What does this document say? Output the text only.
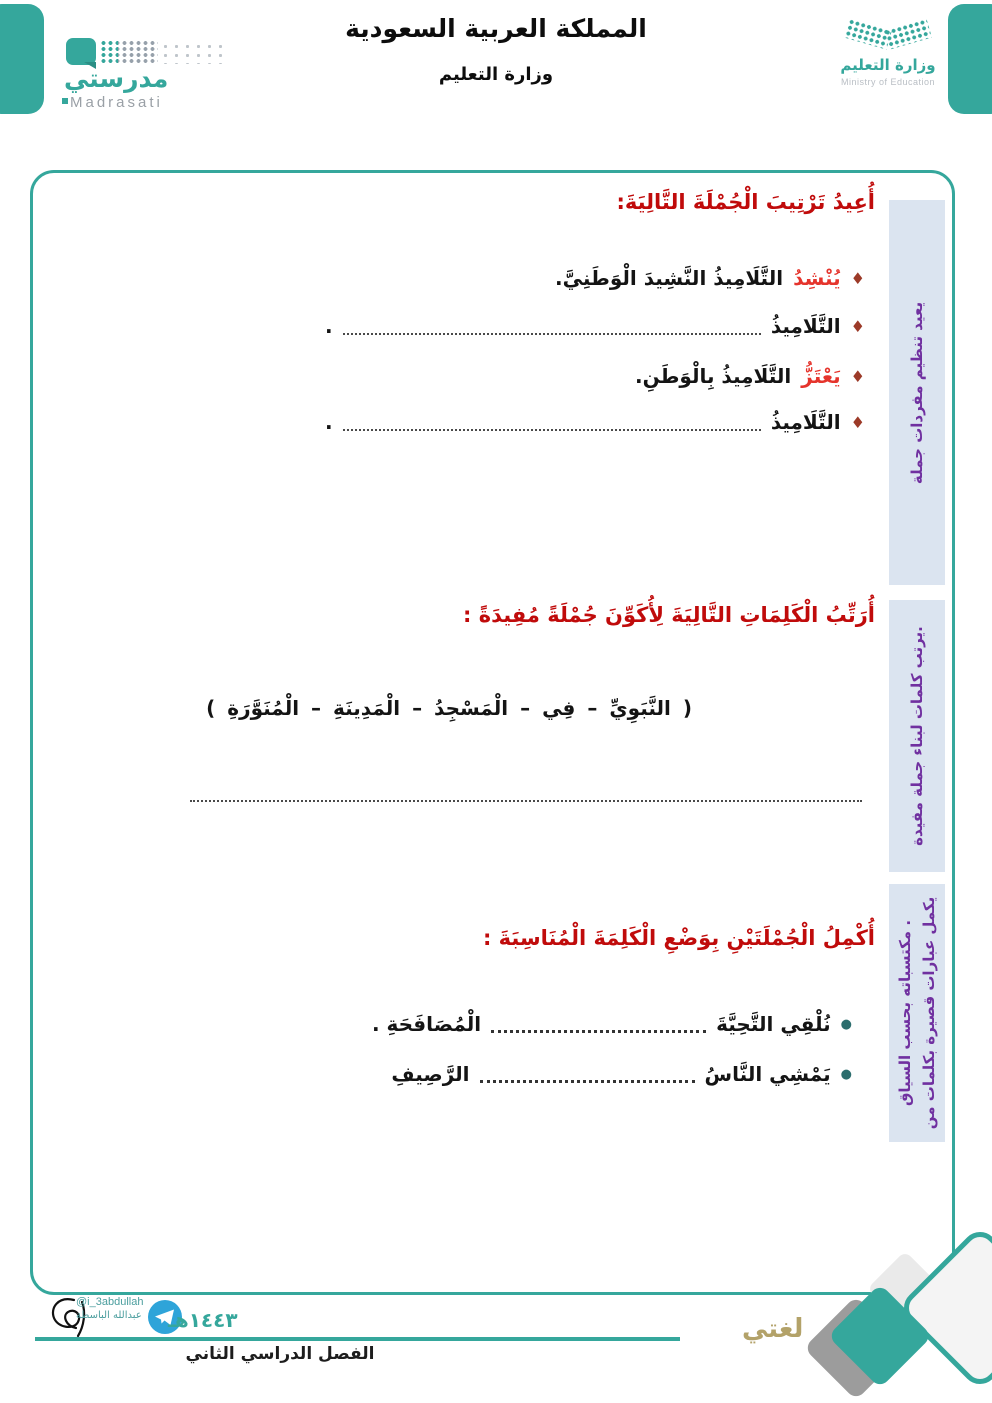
المملكة العربية السعودية
وزارة التعليم
مدرستي
Madrasati
وزارة التعليم
Ministry of Education
يعيد تنظيم مفردات جملة
يرتب كلمات لبناء جملة مفيدة.
يكمل عبارات قصيرة بكلمات من
مكتسباته بحسب السياق .
أُعِيدُ تَرْتِيبَ الْجُمْلَةَ التَّالِيَةَ:
♦
يُنْشِدُ
التَّلَامِيذُ النَّشِيدَ الْوَطَنِيَّ.
♦
التَّلَامِيذُ
.
♦
يَعْتَزُّ
التَّلَامِيذُ بِالْوَطَنِ.
♦
التَّلَامِيذُ
.
أُرَتِّبُ الْكَلِمَاتِ التَّالِيَةَ لِأُكَوِّنَ جُمْلَةً مُفِيدَةً :
( النَّبَوِيِّ – فِي – الْمَسْجِدُ – الْمَدِينَةِ – الْمُنَوَّرَةِ )
أُكْمِلُ الْجُمْلَتَيْنِ بِوَضْعِ الْكَلِمَةَ الْمُنَاسِبَةَ :
●
نُلْقِي التَّحِيَّةَ
الْمُصَافَحَةِ .
●
يَمْشِي النَّاسُ
الرَّصِيفِ
@i_3abdullah
عبدالله الباسطة	١٤٤٣هـ
الفصل الدراسي الثاني
لغتي
